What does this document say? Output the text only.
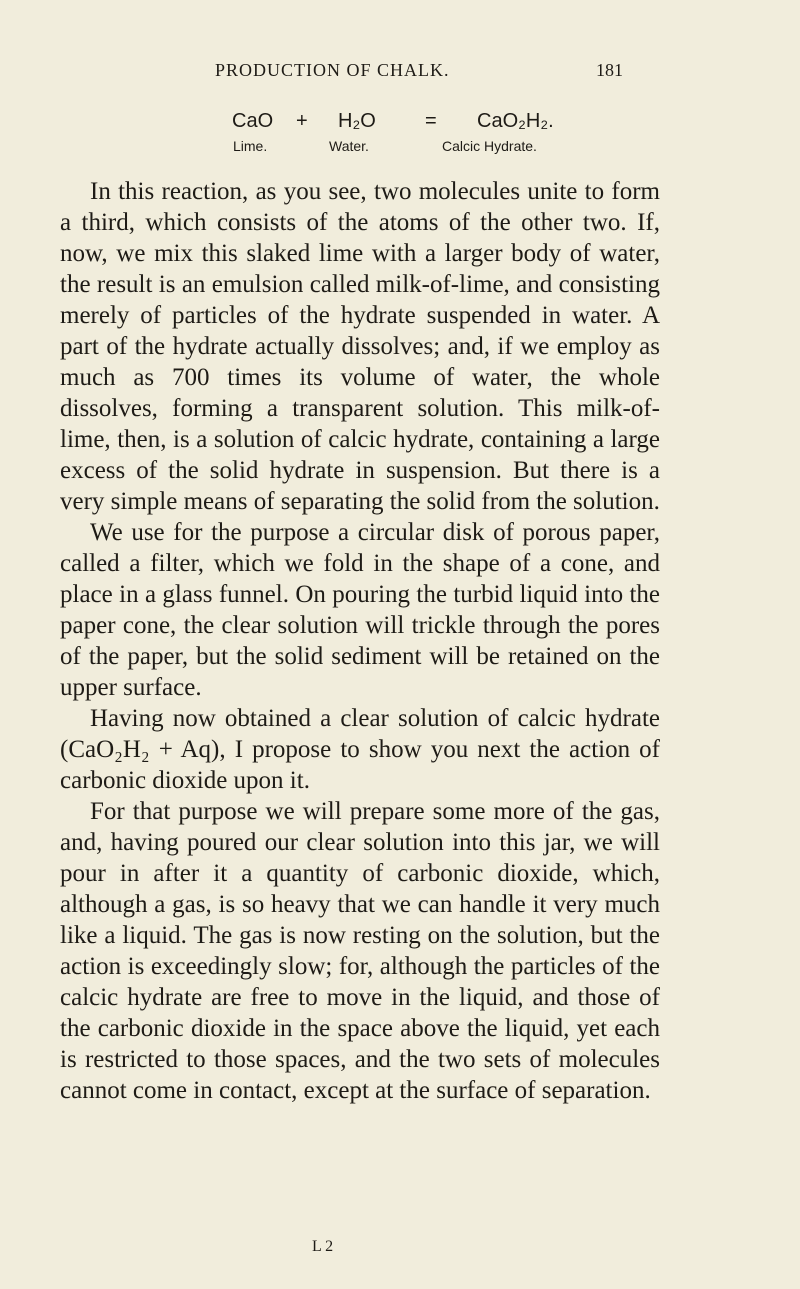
PRODUCTION OF CHALK.	181
CaO + H₂O = CaO₂H₂.
Lime.	Water.	Calcic Hydrate.

In this reaction, as you see, two molecules unite to form a third, which consists of the atoms of the other two. If, now, we mix this slaked lime with a larger body of water, the result is an emulsion called milk-of-lime, and consisting merely of particles of the hydrate suspended in water. A part of the hydrate actually dissolves; and, if we employ as much as 700 times its volume of water, the whole dissolves, forming a transparent solution. This milk-of-lime, then, is a solution of calcic hydrate, containing a large excess of the solid hydrate in suspension. But there is a very simple means of separating the solid from the solution.

We use for the purpose a circular disk of porous paper, called a filter, which we fold in the shape of a cone, and place in a glass funnel. On pouring the turbid liquid into the paper cone, the clear solution will trickle through the pores of the paper, but the solid sediment will be retained on the upper surface.

Having now obtained a clear solution of calcic hydrate (CaO₂H₂ + Aq), I propose to show you next the action of carbonic dioxide upon it.

For that purpose we will prepare some more of the gas, and, having poured our clear solution into this jar, we will pour in after it a quantity of carbonic dioxide, which, although a gas, is so heavy that we can handle it very much like a liquid. The gas is now resting on the solution, but the action is exceedingly slow; for, although the particles of the calcic hydrate are free to move in the liquid, and those of the carbonic dioxide in the space above the liquid, yet each is restricted to those spaces, and the two sets of molecules cannot come in contact, except at the surface of separation.

L 2
